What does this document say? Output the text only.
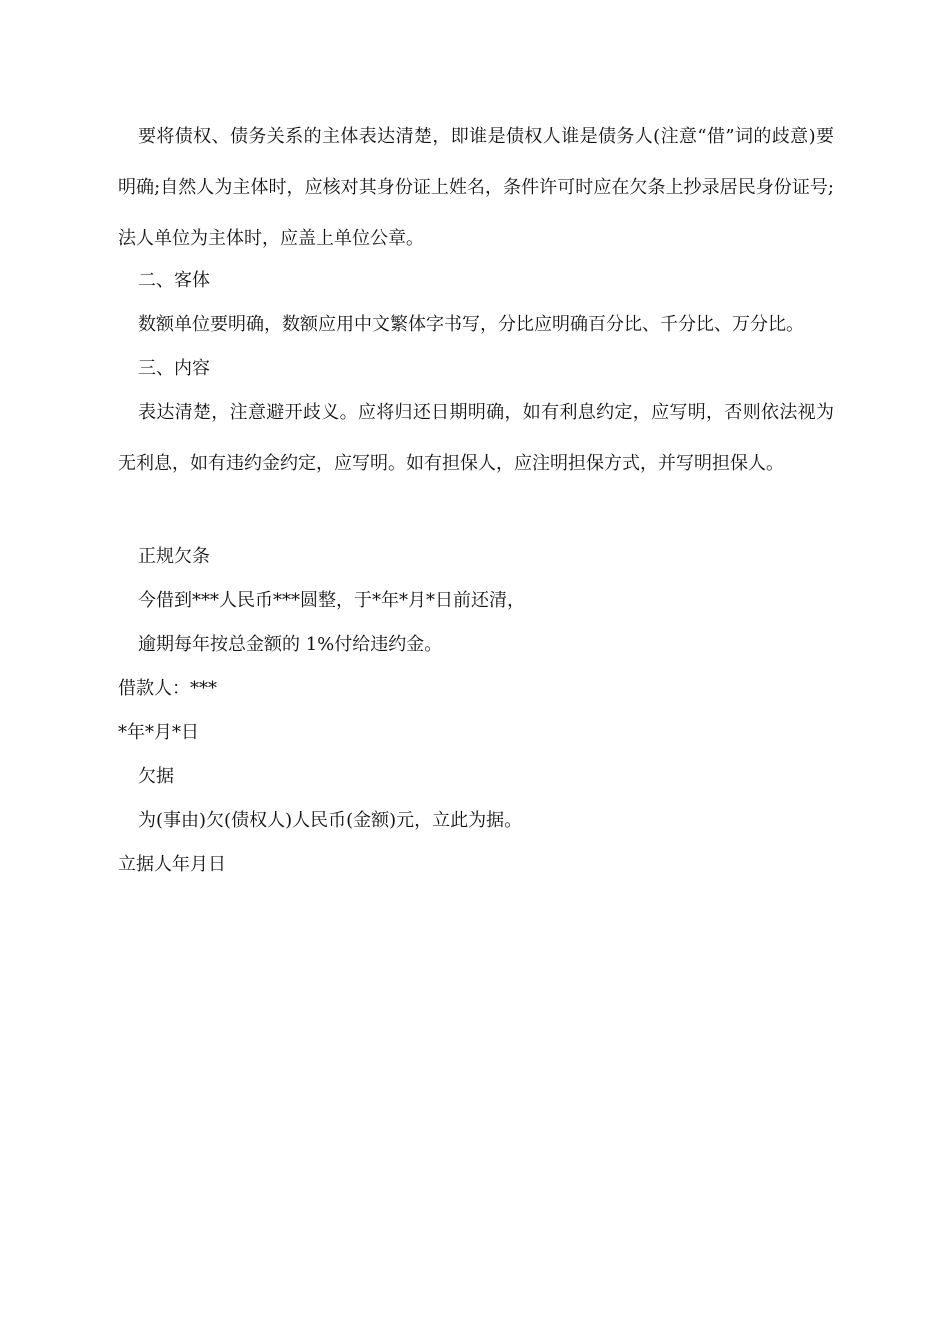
要将债权、债务关系的主体表达清楚，即谁是债权人谁是债务人(注意“借”词的歧意)要明确;自然人为主体时，应核对其身份证上姓名，条件许可时应在欠条上抄录居民身份证号;法人单位为主体时，应盖上单位公章。

二、客体

数额单位要明确，数额应用中文繁体字书写，分比应明确百分比、千分比、万分比。

三、内容

表达清楚，注意避开歧义。应将归还日期明确，如有利息约定，应写明，否则依法视为无利息，如有违约金约定，应写明。如有担保人，应注明担保方式，并写明担保人。

正规欠条

今借到***人民币***圆整，于*年*月*日前还清，

逾期每年按总金额的 1%付给违约金。

借款人：***

*年*月*日

欠据

为(事由)欠(债权人)人民币(金额)元，立此为据。

立据人年月日
